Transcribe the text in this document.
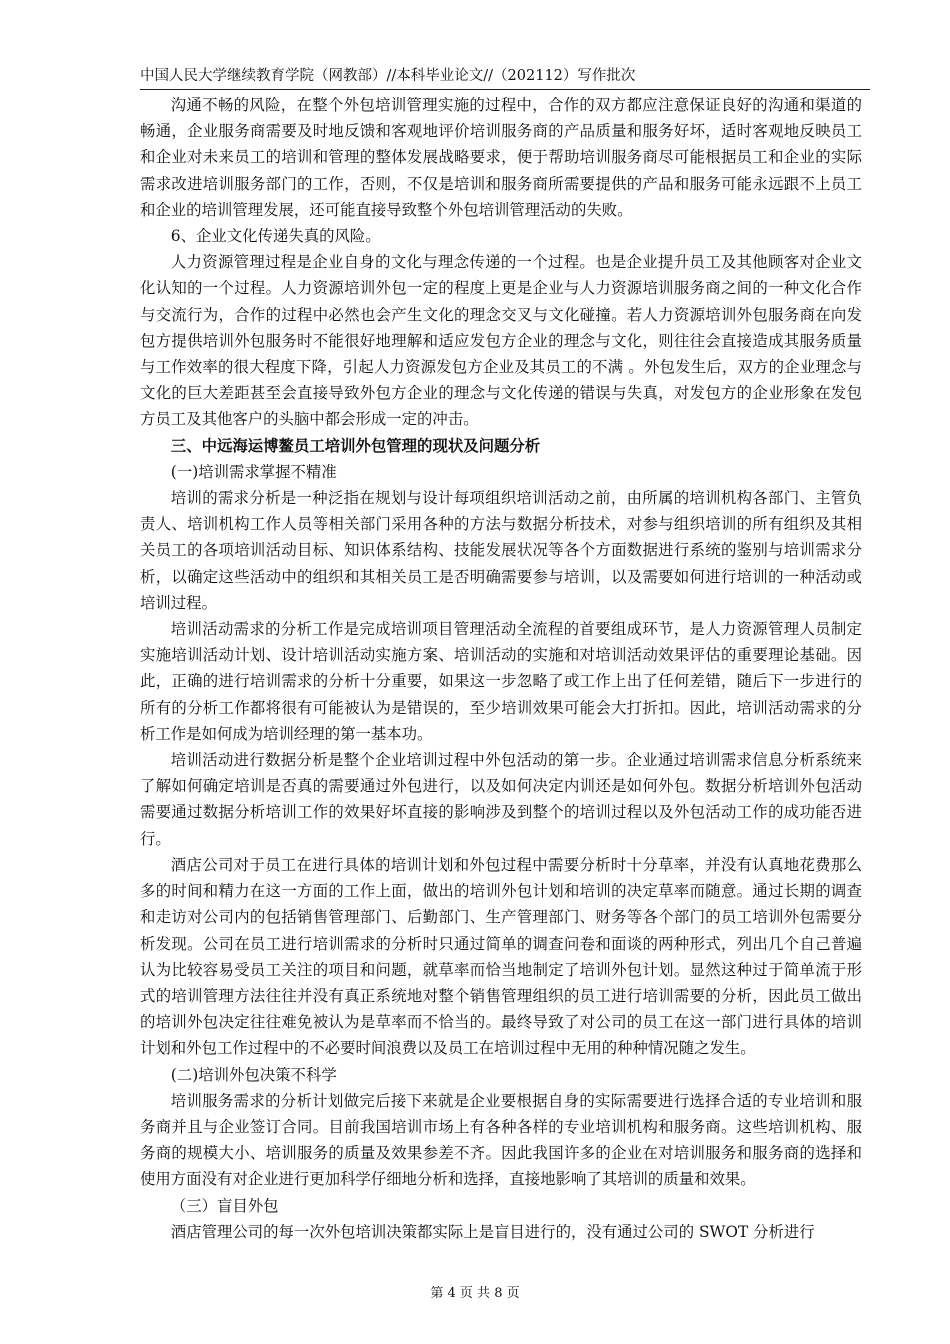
中国人民大学继续教育学院（网教部）//本科毕业论文//（202112）写作批次

沟通不畅的风险，在整个外包培训管理实施的过程中，合作的双方都应注意保证良好的沟通和渠道的畅通，企业服务商需要及时地反馈和客观地评价培训服务商的产品质量和服务好坏，适时客观地反映员工和企业对未来员工的培训和管理的整体发展战略要求，便于帮助培训服务商尽可能根据员工和企业的实际需求改进培训服务部门的工作，否则，不仅是培训和服务商所需要提供的产品和服务可能永远跟不上员工和企业的培训管理发展，还可能直接导致整个外包培训管理活动的失败。

6、企业文化传递失真的风险。

人力资源管理过程是企业自身的文化与理念传递的一个过程。也是企业提升员工及其他顾客对企业文化认知的一个过程。人力资源培训外包一定的程度上更是企业与人力资源培训服务商之间的一种文化合作与交流行为，合作的过程中必然也会产生文化的理念交叉与文化碰撞。若人力资源培训外包服务商在向发包方提供培训外包服务时不能很好地理解和适应发包方企业的理念与文化，则往往会直接造成其服务质量与工作效率的很大程度下降，引起人力资源发包方企业及其员工的不满 。外包发生后，双方的企业理念与文化的巨大差距甚至会直接导致外包方企业的理念与文化传递的错误与失真，对发包方的企业形象在发包方员工及其他客户的头脑中都会形成一定的冲击。

三、中远海运博鳌员工培训外包管理的现状及问题分析

(一)培训需求掌握不精准

培训的需求分析是一种泛指在规划与设计每项组织培训活动之前，由所属的培训机构各部门、主管负责人、培训机构工作人员等相关部门采用各种的方法与数据分析技术，对参与组织培训的所有组织及其相关员工的各项培训活动目标、知识体系结构、技能发展状况等各个方面数据进行系统的鉴别与培训需求分析，以确定这些活动中的组织和其相关员工是否明确需要参与培训，以及需要如何进行培训的一种活动或培训过程。

培训活动需求的分析工作是完成培训项目管理活动全流程的首要组成环节，是人力资源管理人员制定实施培训活动计划、设计培训活动实施方案、培训活动的实施和对培训活动效果评估的重要理论基础。因此，正确的进行培训需求的分析十分重要，如果这一步忽略了或工作上出了任何差错，随后下一步进行的所有的分析工作都将很有可能被认为是错误的，至少培训效果可能会大打折扣。因此，培训活动需求的分析工作是如何成为培训经理的第一基本功。

培训活动进行数据分析是整个企业培训过程中外包活动的第一步。企业通过培训需求信息分析系统来了解如何确定培训是否真的需要通过外包进行，以及如何决定内训还是如何外包。数据分析培训外包活动需要通过数据分析培训工作的效果好坏直接的影响涉及到整个的培训过程以及外包活动工作的成功能否进行。

酒店公司对于员工在进行具体的培训计划和外包过程中需要分析时十分草率，并没有认真地花费那么多的时间和精力在这一方面的工作上面，做出的培训外包计划和培训的决定草率而随意。通过长期的调查和走访对公司内的包括销售管理部门、后勤部门、生产管理部门、财务等各个部门的员工培训外包需要分析发现。公司在员工进行培训需求的分析时只通过简单的调查问卷和面谈的两种形式，列出几个自己普遍认为比较容易受员工关注的项目和问题，就草率而恰当地制定了培训外包计划。显然这种过于简单流于形式的培训管理方法往往并没有真正系统地对整个销售管理组织的员工进行培训需要的分析，因此员工做出的培训外包决定往往难免被认为是草率而不恰当的。最终导致了对公司的员工在这一部门进行具体的培训计划和外包工作过程中的不必要时间浪费以及员工在培训过程中无用的种种情况随之发生。

(二)培训外包决策不科学

培训服务需求的分析计划做完后接下来就是企业要根据自身的实际需要进行选择合适的专业培训和服务商并且与企业签订合同。目前我国培训市场上有各种各样的专业培训机构和服务商。这些培训机构、服务商的规模大小、培训服务的质量及效果参差不齐。因此我国许多的企业在对培训服务和服务商的选择和使用方面没有对企业进行更加科学仔细地分析和选择，直接地影响了其培训的质量和效果。

（三）盲目外包

酒店管理公司的每一次外包培训决策都实际上是盲目进行的，没有通过公司的 SWOT 分析进行

第 4 页 共 8 页
